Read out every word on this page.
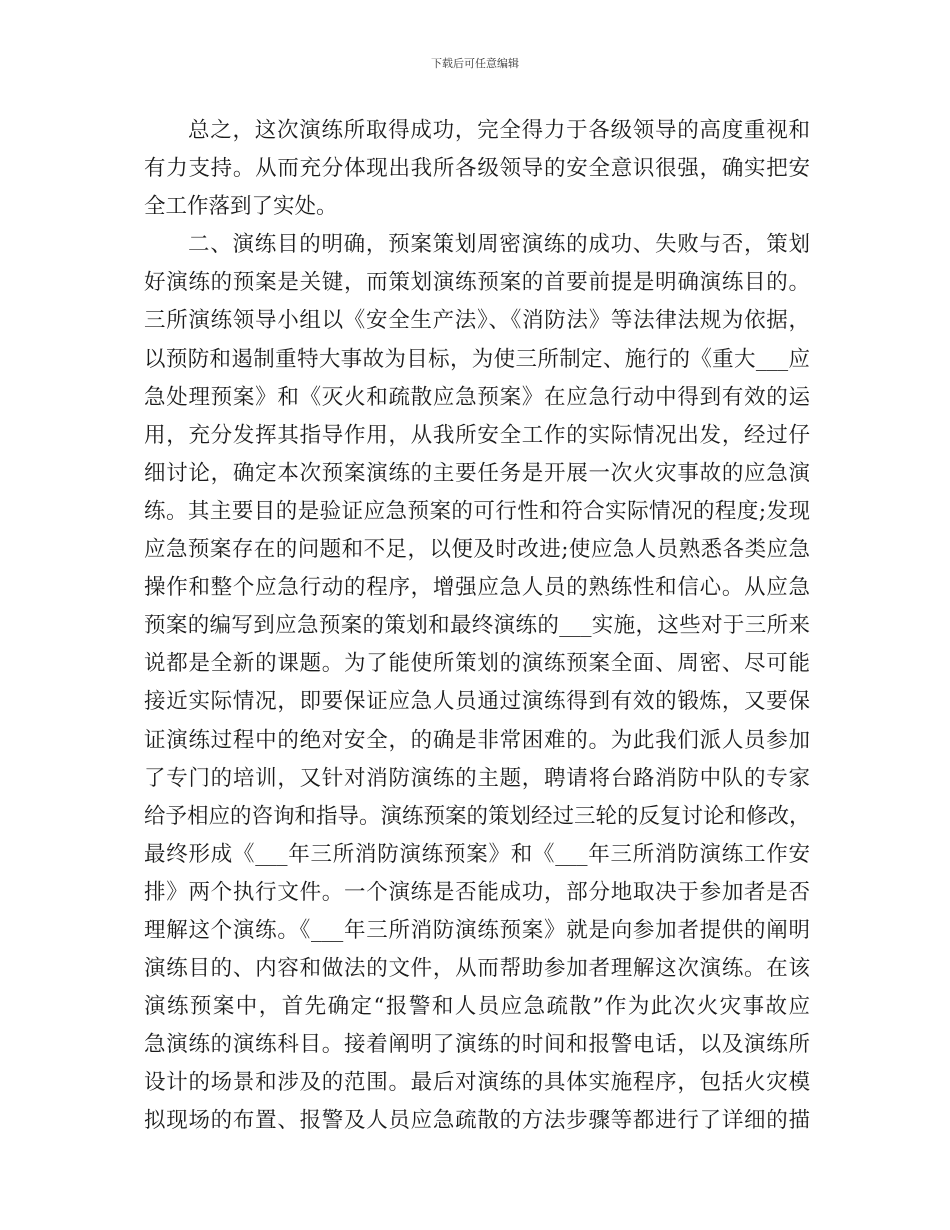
下载后可任意编辑
总之，这次演练所取得成功，完全得力于各级领导的高度重视和
有力支持。从而充分体现出我所各级领导的安全意识很强，确实把安
全工作落到了实处。
二、演练目的明确，预案策划周密演练的成功、失败与否，策划
好演练的预案是关键，而策划演练预案的首要前提是明确演练目的。
三所演练领导小组以《安全生产法》、《消防法》等法律法规为依据，
以预防和遏制重特大事故为目标，为使三所制定、施行的《重大___应
急处理预案》和《灭火和疏散应急预案》在应急行动中得到有效的运
用，充分发挥其指导作用，从我所安全工作的实际情况出发，经过仔
细讨论，确定本次预案演练的主要任务是开展一次火灾事故的应急演
练。其主要目的是验证应急预案的可行性和符合实际情况的程度;发现
应急预案存在的问题和不足，以便及时改进;使应急人员熟悉各类应急
操作和整个应急行动的程序，增强应急人员的熟练性和信心。从应急
预案的编写到应急预案的策划和最终演练的___实施，这些对于三所来
说都是全新的课题。为了能使所策划的演练预案全面、周密、尽可能
接近实际情况，即要保证应急人员通过演练得到有效的锻炼，又要保
证演练过程中的绝对安全，的确是非常困难的。为此我们派人员参加
了专门的培训，又针对消防演练的主题，聘请将台路消防中队的专家
给予相应的咨询和指导。演练预案的策划经过三轮的反复讨论和修改，
最终形成《___年三所消防演练预案》和《___年三所消防演练工作安
排》两个执行文件。一个演练是否能成功，部分地取决于参加者是否
理解这个演练。《___年三所消防演练预案》就是向参加者提供的阐明
演练目的、内容和做法的文件，从而帮助参加者理解这次演练。在该
演练预案中，首先确定“报警和人员应急疏散”作为此次火灾事故应
急演练的演练科目。接着阐明了演练的时间和报警电话，以及演练所
设计的场景和涉及的范围。最后对演练的具体实施程序，包括火灾模
拟现场的布置、报警及人员应急疏散的方法步骤等都进行了详细的描
